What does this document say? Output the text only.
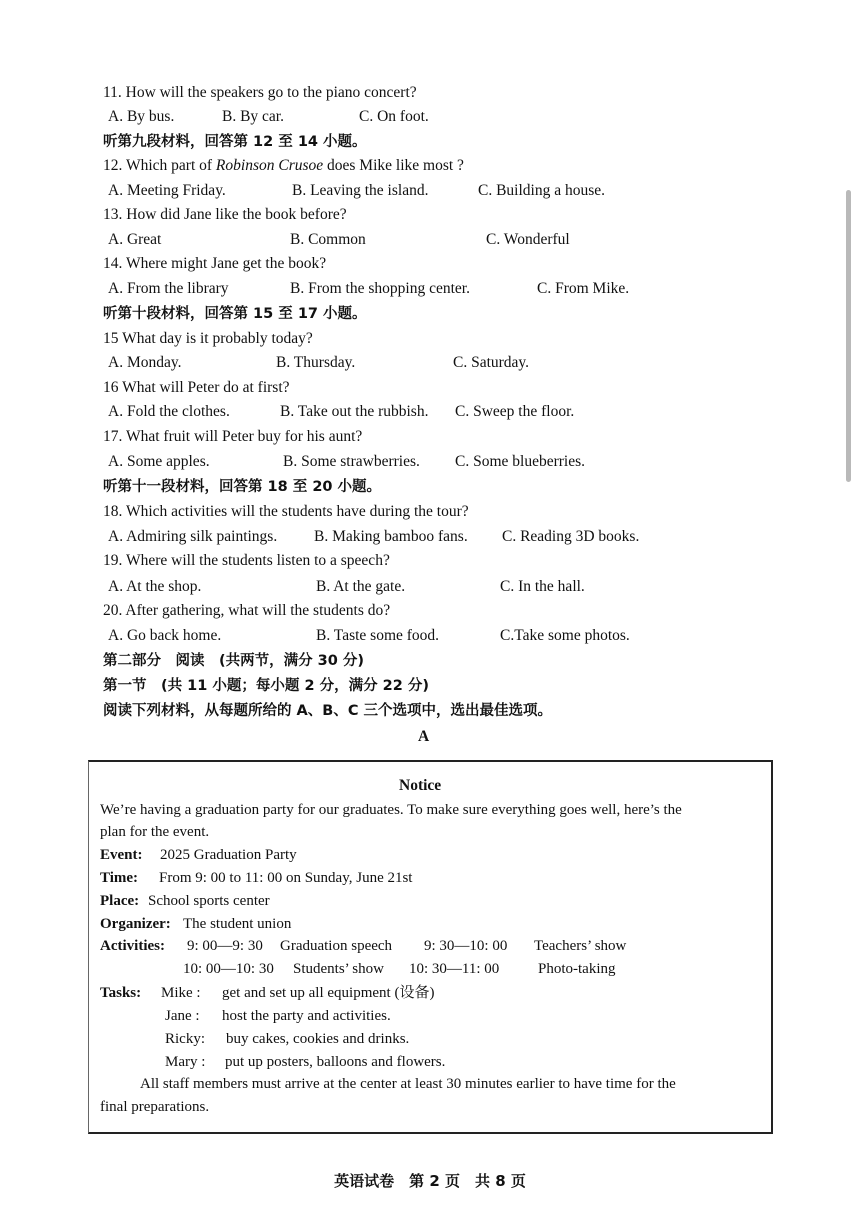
11. How will the speakers go to the piano concert?
A. By bus.	B. By car.	C. On foot.
听第九段材料，回答第 12 至 14 小题。
12. Which part of Robinson Crusoe does Mike like most ?
A. Meeting Friday.	B. Leaving the island.	C. Building a house.
13. How did Jane like the book before?
A. Great	B. Common	C. Wonderful
14. Where might Jane get the book?
A. From the library	B. From the shopping center.	C. From Mike.
听第十段材料，回答第 15 至 17 小题。
15 What day is it probably today?
A. Monday.	B. Thursday.	C. Saturday.
16 What will Peter do at first?
A. Fold the clothes.	B. Take out the rubbish. C. Sweep the floor.
17. What fruit will Peter buy for his aunt?
A. Some apples.	B. Some strawberries. C. Some blueberries.
听第十一段材料，回答第 18 至 20 小题。
18. Which activities will the students have during the tour?
A. Admiring silk paintings. B. Making bamboo fans. C. Reading 3D books.
19. Where will the students listen to a speech?
A. At the shop.	B. At the gate.	C. In the hall.
20. After gathering, what will the students do?
A. Go back home.	B. Taste some food.	C.Take some photos.
第二部分　阅读　(共两节，满分 30 分)
第一节　(共 11 小题；每小题 2 分，满分 22 分)
阅读下列材料，从每题所给的 A、B、C 三个选项中，选出最佳选项。
A
Notice
We’re having a graduation party for our graduates. To make sure everything goes well, here’s the
plan for the event.
Event: 2025 Graduation Party
Time: From 9: 00 to 11: 00 on Sunday, June 21st
Place: School sports center
Organizer: The student union
Activities: 9: 00—9: 30 Graduation speech 9: 30—10: 00 Teachers’ show
10: 00—10: 30 Students’ show 10: 30—11: 00	Photo-taking
Tasks: Mike : get and set up all equipment (设备)
Jane : host the party and activities.
Ricky: buy cakes, cookies and drinks.
Mary : put up posters, balloons and flowers.
All staff members must arrive at the center at least 30 minutes earlier to have time for the
final preparations.
英语试卷　第 2 页　共 8 页
